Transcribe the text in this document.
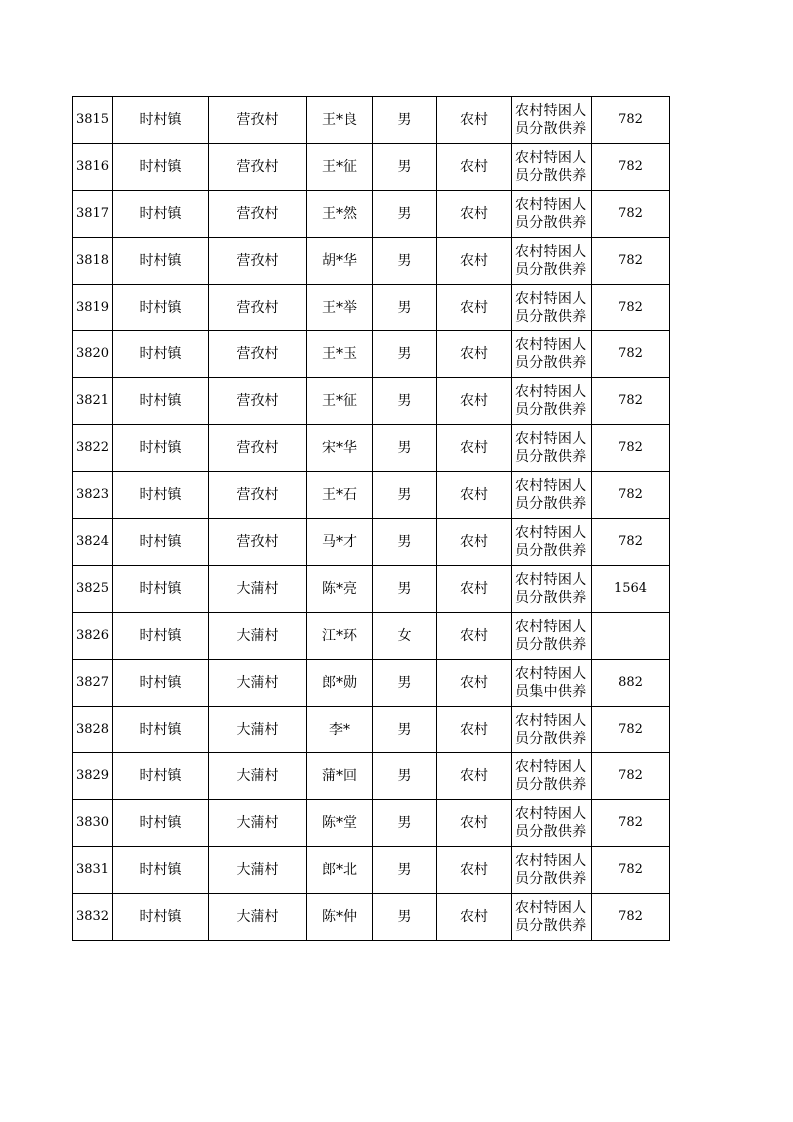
3815	时村镇	营孜村	王*良	男	农村	农村特困人员分散供养	782
3816	时村镇	营孜村	王*征	男	农村	农村特困人员分散供养	782
3817	时村镇	营孜村	王*然	男	农村	农村特困人员分散供养	782
3818	时村镇	营孜村	胡*华	男	农村	农村特困人员分散供养	782
3819	时村镇	营孜村	王*举	男	农村	农村特困人员分散供养	782
3820	时村镇	营孜村	王*玉	男	农村	农村特困人员分散供养	782
3821	时村镇	营孜村	王*征	男	农村	农村特困人员分散供养	782
3822	时村镇	营孜村	宋*华	男	农村	农村特困人员分散供养	782
3823	时村镇	营孜村	王*石	男	农村	农村特困人员分散供养	782
3824	时村镇	营孜村	马*才	男	农村	农村特困人员分散供养	782
3825	时村镇	大蒲村	陈*亮	男	农村	农村特困人员分散供养	1564
3826	时村镇	大蒲村	江*环	女	农村	农村特困人员分散供养	
3827	时村镇	大蒲村	郎*勋	男	农村	农村特困人员集中供养	882
3828	时村镇	大蒲村	李*	男	农村	农村特困人员分散供养	782
3829	时村镇	大蒲村	蒲*回	男	农村	农村特困人员分散供养	782
3830	时村镇	大蒲村	陈*堂	男	农村	农村特困人员分散供养	782
3831	时村镇	大蒲村	郎*北	男	农村	农村特困人员分散供养	782
3832	时村镇	大蒲村	陈*仲	男	农村	农村特困人员分散供养	782
